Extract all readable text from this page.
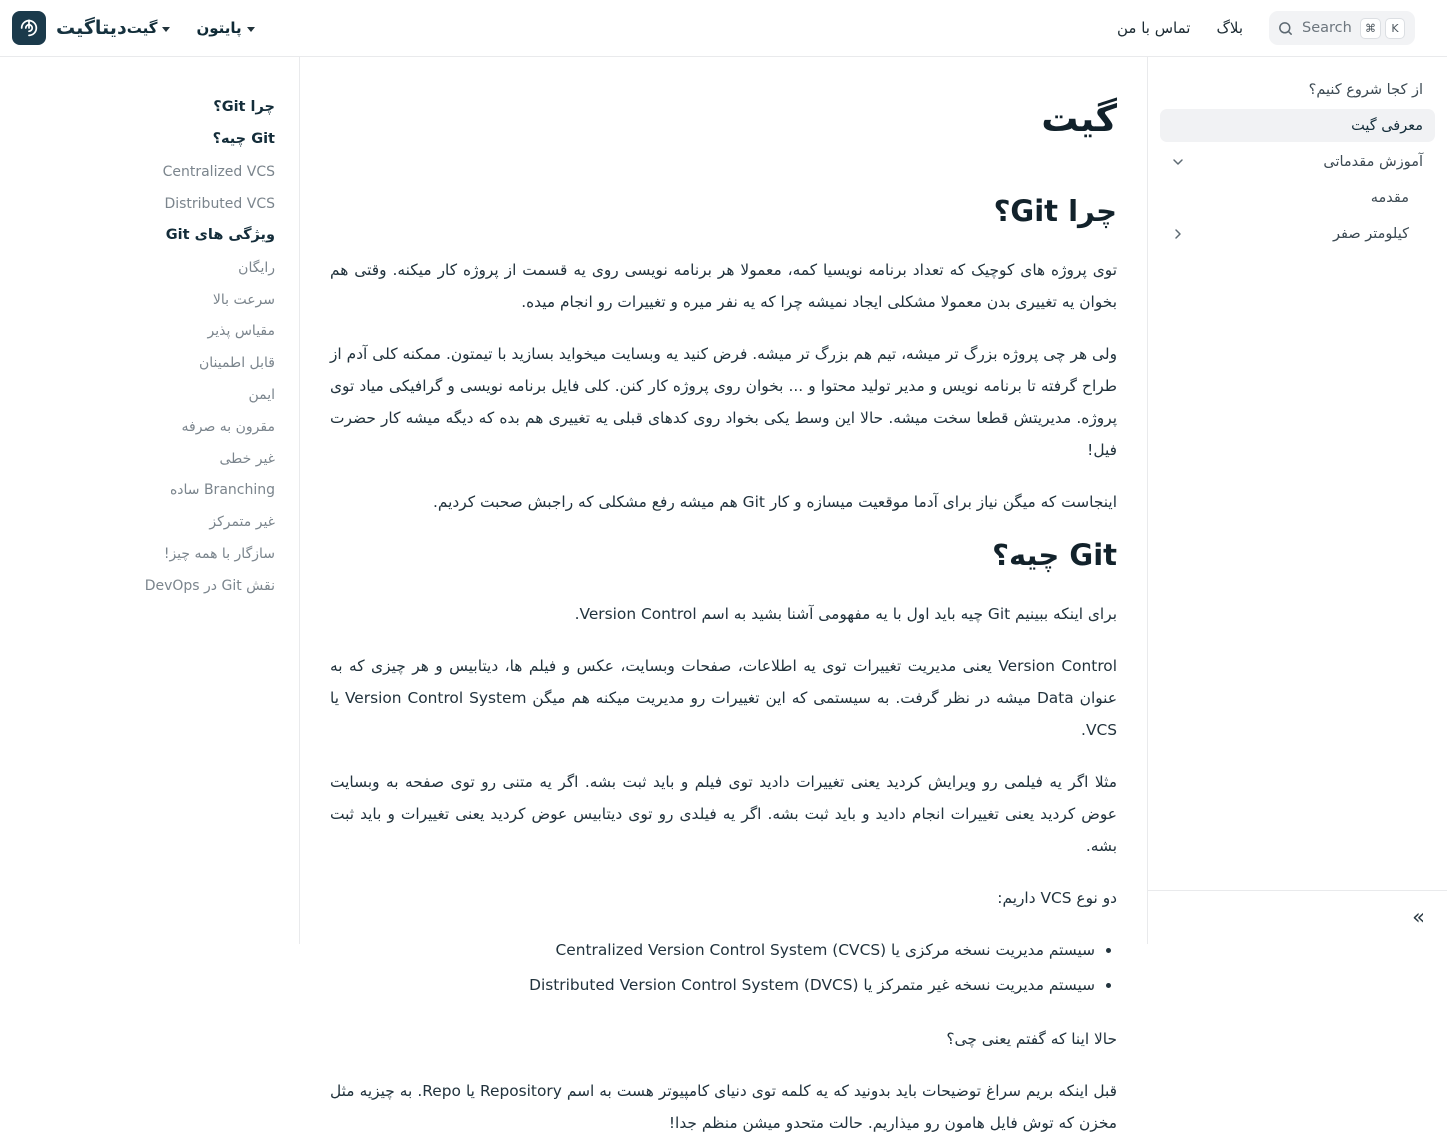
دیتاگیت گیت	پایتون	تماس با من بلاگ	Search	⌘	K
از کجا شروع کنیم؟
معرفی گیت
آموزش مقدماتی
مقدمه
کیلومتر صفر
»
گیت
چرا Git؟

توی پروژه های کوچیک که تعداد برنامه نویسیا کمه، معمولا هر برنامه نویسی روی یه قسمت از پروژه کار میکنه. وقتی هم بخوان یه تغییری بدن معمولا مشکلی ایجاد نمیشه چرا که یه نفر میره و تغییرات رو انجام میده.

ولی هر چی پروژه بزرگ تر میشه، تیم هم بزرگ تر میشه. فرض کنید یه وبسایت میخواید بسازید با تیمتون. ممکنه کلی آدم از طراح گرفته تا برنامه نویس و مدیر تولید محتوا و ... بخوان روی پروژه کار کنن. کلی فایل برنامه نویسی و گرافیکی میاد توی پروژه. مدیریتش قطعا سخت میشه. حالا این وسط یکی بخواد روی کدهای قبلی یه تغییری هم بده که دیگه میشه کار حضرت فیل!

اینجاست که میگن نیاز برای آدما موقعیت میسازه و کار Git هم میشه رفع مشکلی که راجبش صحبت کردیم.

Git چیه؟

برای اینکه ببینیم Git چیه باید اول با یه مفهومی آشنا بشید به اسم Version Control.

Version Control یعنی مدیریت تغییرات توی یه اطلاعات، صفحات وبسایت، عکس و فیلم ها، دیتابیس و هر چیزی که به عنوان Data میشه در نظر گرفت. به سیستمی که این تغییرات رو مدیریت میکنه هم میگن Version Control System یا VCS.

مثلا اگر یه فیلمی رو ویرایش کردید یعنی تغییرات دادید توی فیلم و باید ثبت بشه. اگر یه متنی رو توی صفحه به وبسایت عوض کردید یعنی تغییرات انجام دادید و باید ثبت بشه. اگر یه فیلدی رو توی دیتابیس عوض کردید یعنی تغییرات و باید ثبت بشه.

دو نوع VCS داریم:

• سیستم مدیریت نسخه مرکزی یا Centralized Version Control System (CVCS)
• سیستم مدیریت نسخه غیر متمرکز یا Distributed Version Control System (DVCS)

حالا اینا که گفتم یعنی چی؟

قبل اینکه بریم سراغ توضیحات باید بدونید که یه کلمه توی دنیای کامپیوتر هست به اسم Repository یا Repo. به چیزیه مثل مخزن که توش فایل هامون رو میذاریم. حالت متحدو میشن منظم جدا!

چرا Git؟
Git چیه؟
Centralized VCS
Distributed VCS
ویژگی های Git
رایگان
سرعت بالا
مقیاس پذیر
قابل اطمینان
ایمن
مقرون به صرفه
غیر خطی
Branching ساده
غیر متمرکز
سازگار با همه چیز!
نقش Git در DevOps
